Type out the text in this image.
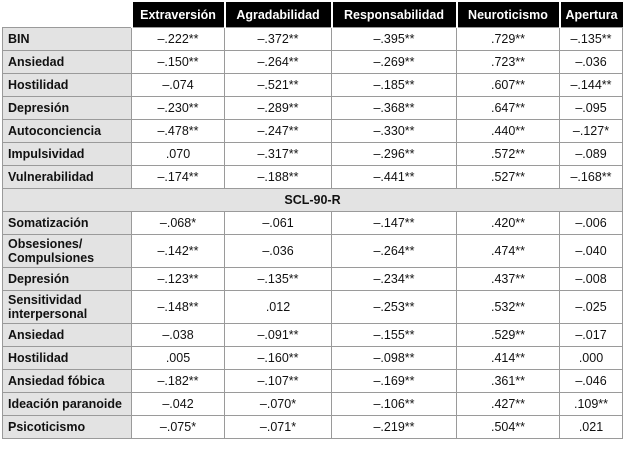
	Extraversión	Agradabilidad	Responsabilidad	Neuroticismo	Apertura
BIN	–.222**	–.372**	–.395**	.729**	–.135**
Ansiedad	–.150**	–.264**	–.269**	.723**	–.036
Hostilidad	–.074	–.521**	–.185**	.607**	–.144**
Depresión	–.230**	–.289**	–.368**	.647**	–.095
Autoconciencia	–.478**	–.247**	–.330**	.440**	–.127*
Impulsividad	.070	–.317**	–.296**	.572**	–.089
Vulnerabilidad	–.174**	–.188**	–.441**	.527**	–.168**
SCL-90-R					
Somatización	–.068*	–.061	–.147**	.420**	–.006
Obsesiones/ Compulsiones	–.142**	–.036	–.264**	.474**	–.040
Depresión	–.123**	–.135**	–.234**	.437**	–.008
Sensitividad interpersonal	–.148**	.012	–.253**	.532**	–.025
Ansiedad	–.038	–.091**	–.155**	.529**	–.017
Hostilidad	.005	–.160**	–.098**	.414**	.000
Ansiedad fóbica	–.182**	–.107**	–.169**	.361**	–.046
Ideación paranoide	–.042	–.070*	–.106**	.427**	.109**
Psicoticismo	–.075*	–.071*	–.219**	.504**	.021
